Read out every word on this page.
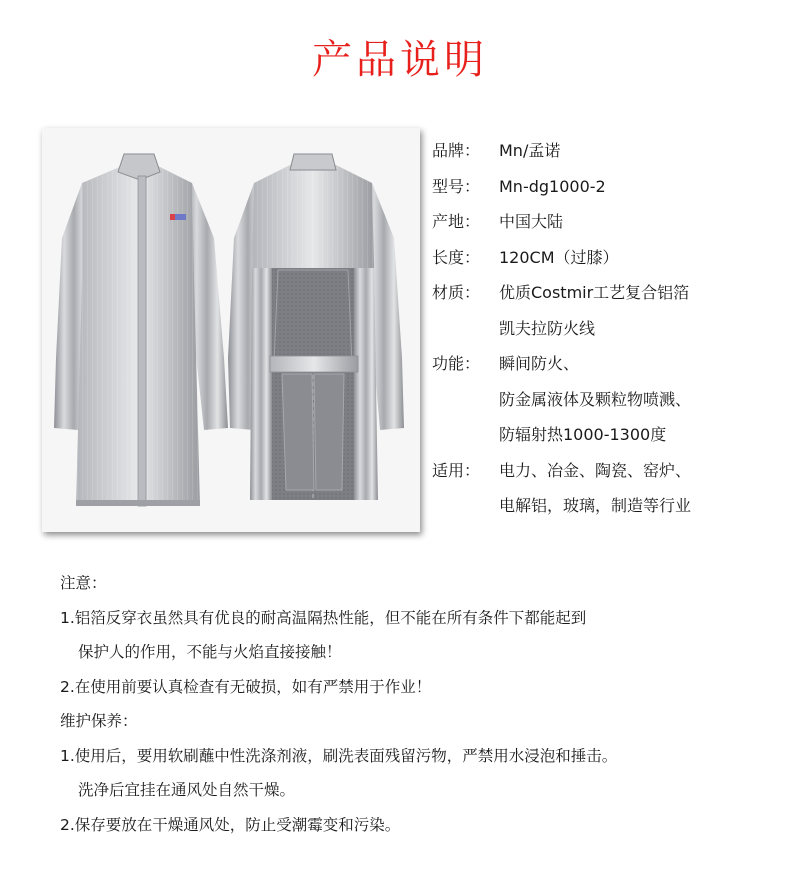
产品说明
品牌：	Mn/孟诺
型号：	Mn-dg1000-2
产地：	中国大陆
长度：	120CM（过膝）
材质：	优质Costmir工艺复合铝箔
凯夫拉防火线
功能：	瞬间防火、
防金属液体及颗粒物喷溅、
防辐射热1000-1300度
适用：	电力、冶金、陶瓷、窑炉、
电解铝，玻璃，制造等行业
注意：
1.铝箔反穿衣虽然具有优良的耐高温隔热性能，但不能在所有条件下都能起到
保护人的作用，不能与火焰直接接触！
2.在使用前要认真检查有无破损，如有严禁用于作业！
维护保养：
1.使用后，要用软刷蘸中性洗涤剂液，刷洗表面残留污物，严禁用水浸泡和捶击。
洗净后宜挂在通风处自然干燥。
2.保存要放在干燥通风处，防止受潮霉变和污染。
